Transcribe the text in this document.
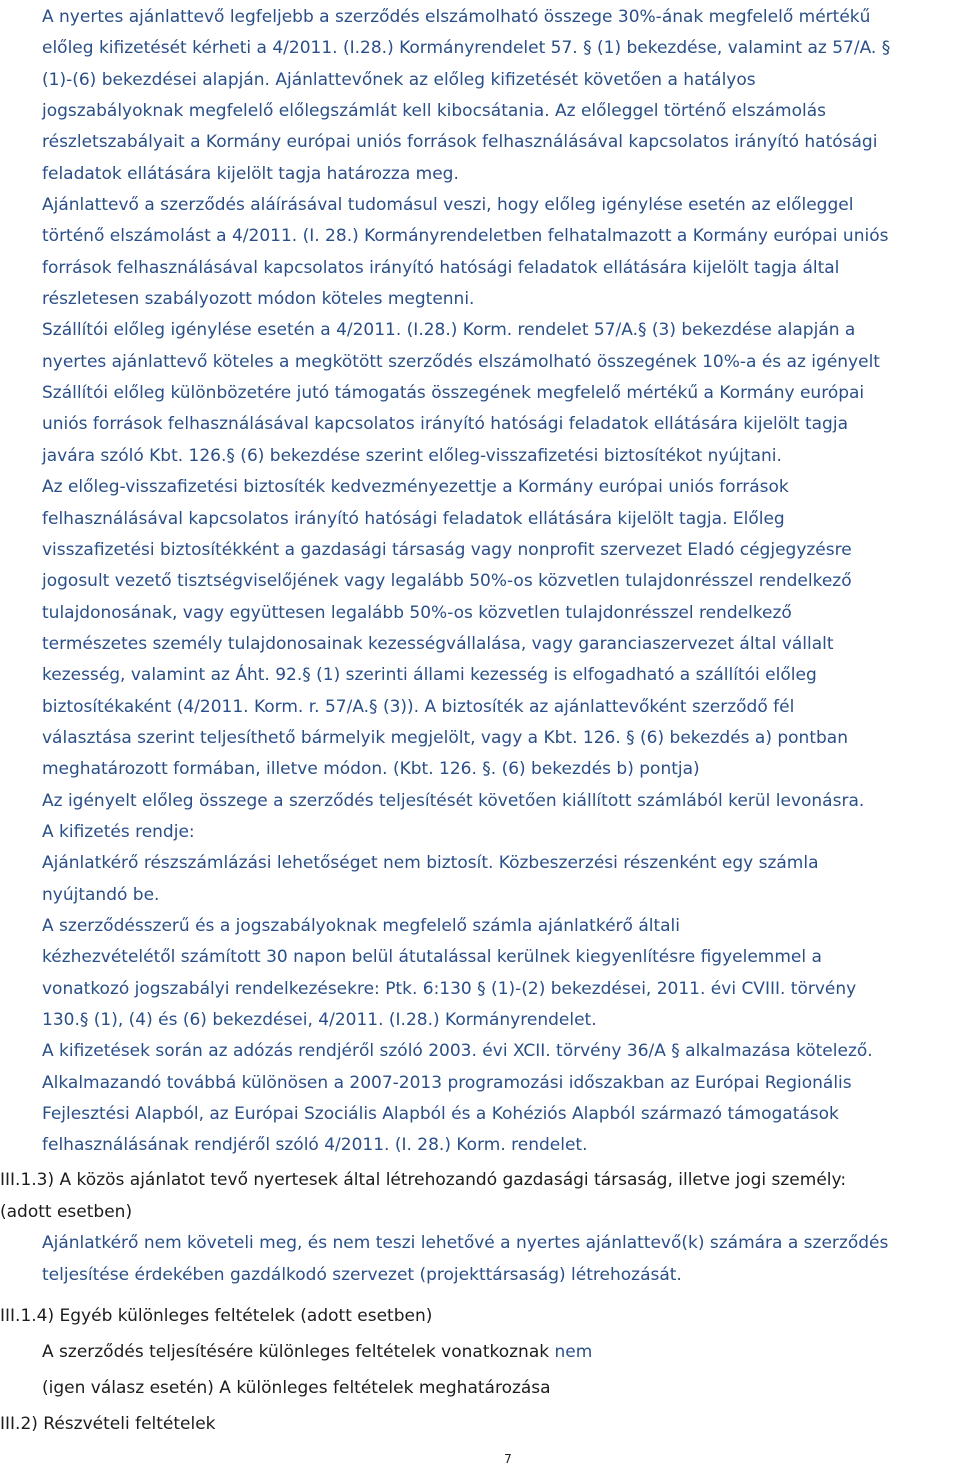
A nyertes ajánlattevő legfeljebb a szerződés elszámolható összege 30%-ának megfelelő mértékű

előleg kifizetését kérheti a 4/2011. (I.28.) Kormányrendelet 57. § (1) bekezdése, valamint az 57/A. §

(1)-(6) bekezdései alapján. Ajánlattevőnek az előleg kifizetését követően a hatályos

jogszabályoknak megfelelő előlegszámlát kell kibocsátania. Az előleggel történő elszámolás

részletszabályait a Kormány európai uniós források felhasználásával kapcsolatos irányító hatósági

feladatok ellátására kijelölt tagja határozza meg.

Ajánlattevő a szerződés aláírásával tudomásul veszi, hogy előleg igénylése esetén az előleggel

történő elszámolást a 4/2011. (I. 28.) Kormányrendeletben felhatalmazott a Kormány európai uniós

források felhasználásával kapcsolatos irányító hatósági feladatok ellátására kijelölt tagja által

részletesen szabályozott módon köteles megtenni.

Szállítói előleg igénylése esetén a 4/2011. (I.28.) Korm. rendelet 57/A.§ (3) bekezdése alapján a

nyertes ajánlattevő köteles a megkötött szerződés elszámolható összegének 10%-a és az igényelt

Szállítói előleg különbözetére jutó támogatás összegének megfelelő mértékű a Kormány európai

uniós források felhasználásával kapcsolatos irányító hatósági feladatok ellátására kijelölt tagja

javára szóló Kbt. 126.§ (6) bekezdése szerint előleg-visszafizetési biztosítékot nyújtani.

Az előleg-visszafizetési biztosíték kedvezményezettje a Kormány európai uniós források

felhasználásával kapcsolatos irányító hatósági feladatok ellátására kijelölt tagja. Előleg

visszafizetési biztosítékként a gazdasági társaság vagy nonprofit szervezet Eladó cégjegyzésre

jogosult vezető tisztségviselőjének vagy legalább 50%-os közvetlen tulajdonrésszel rendelkező

tulajdonosának, vagy együttesen legalább 50%-os közvetlen tulajdonrésszel rendelkező

természetes személy tulajdonosainak kezességvállalása, vagy garanciaszervezet által vállalt

kezesség, valamint az Áht. 92.§ (1) szerinti állami kezesség is elfogadható a szállítói előleg

biztosítékaként (4/2011. Korm. r. 57/A.§ (3)). A biztosíték az ajánlattevőként szerződő fél

választása szerint teljesíthető bármelyik megjelölt, vagy a Kbt. 126. § (6) bekezdés a) pontban

meghatározott formában, illetve módon. (Kbt. 126. §. (6) bekezdés b) pontja)

Az igényelt előleg összege a szerződés teljesítését követően kiállított számlából kerül levonásra.

A kifizetés rendje:

Ajánlatkérő részszámlázási lehetőséget nem biztosít. Közbeszerzési részenként egy számla

nyújtandó be.

A szerződésszerű és a jogszabályoknak megfelelő számla ajánlatkérő általi

kézhezvételétől számított 30 napon belül átutalással kerülnek kiegyenlítésre figyelemmel a

vonatkozó jogszabályi rendelkezésekre: Ptk. 6:130 § (1)-(2) bekezdései, 2011. évi CVIII. törvény

130.§ (1), (4) és (6) bekezdései, 4/2011. (I.28.) Kormányrendelet.

A kifizetések során az adózás rendjéről szóló 2003. évi XCII. törvény 36/A § alkalmazása kötelező.

Alkalmazandó továbbá különösen a 2007-2013 programozási időszakban az Európai Regionális

Fejlesztési Alapból, az Európai Szociális Alapból és a Kohéziós Alapból származó támogatások

felhasználásának rendjéről szóló 4/2011. (I. 28.) Korm. rendelet.

III.1.3) A közös ajánlatot tevő nyertesek által létrehozandó gazdasági társaság, illetve jogi személy:

(adott esetben)

Ajánlatkérő nem követeli meg, és nem teszi lehetővé a nyertes ajánlattevő(k) számára a szerződés

teljesítése érdekében gazdálkodó szervezet (projekttársaság) létrehozását.

III.1.4) Egyéb különleges feltételek (adott esetben)

A szerződés teljesítésére különleges feltételek vonatkoznak nem

(igen válasz esetén) A különleges feltételek meghatározása

III.2) Részvételi feltételek

7
